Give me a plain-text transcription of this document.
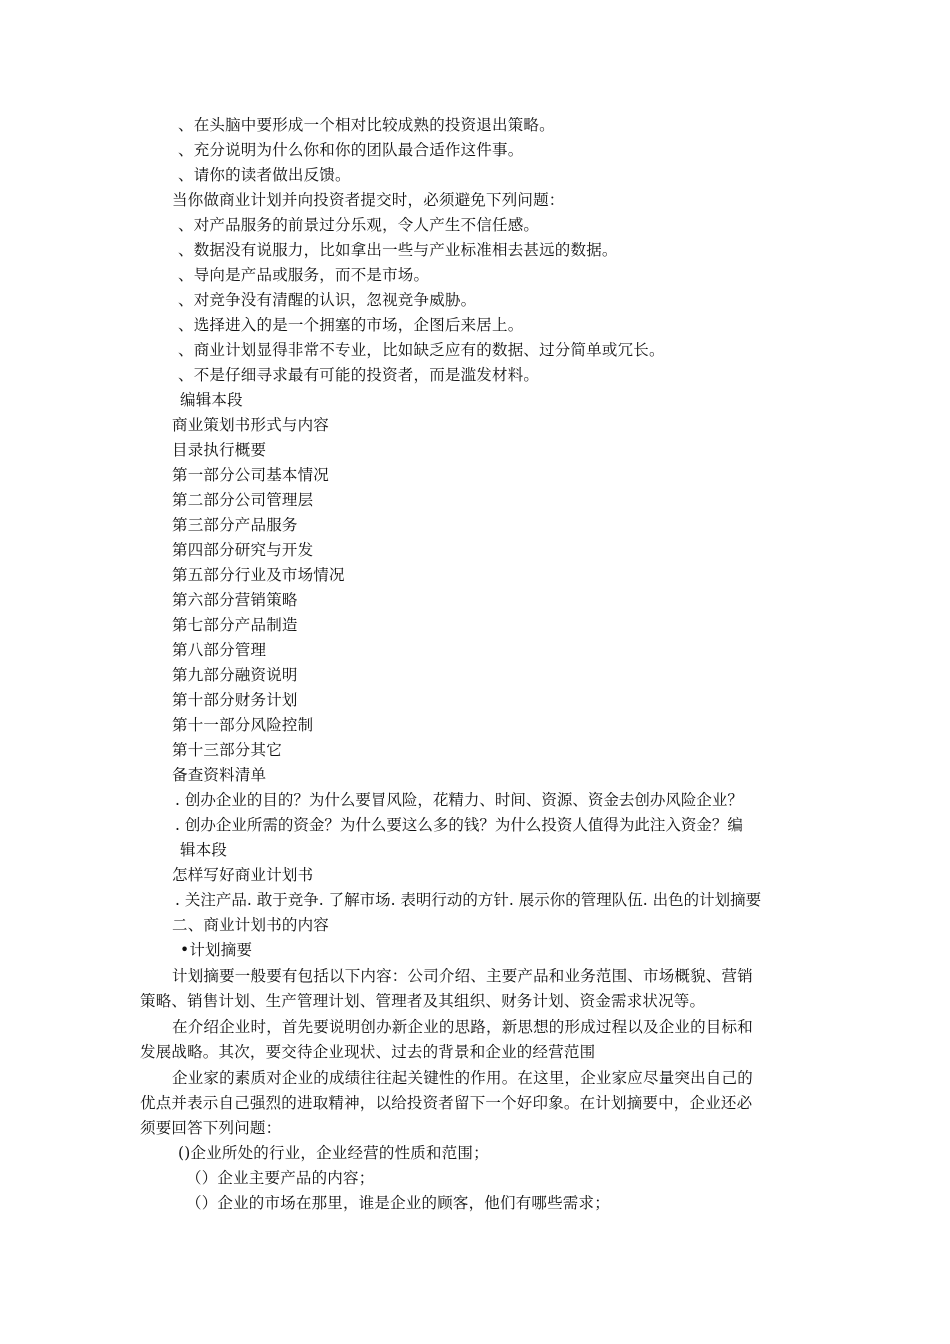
、在头脑中要形成一个相对比较成熟的投资退出策略。
、充分说明为什么你和你的团队最合适作这件事。
、请你的读者做出反馈。
当你做商业计划并向投资者提交时，必须避免下列问题：
、对产品服务的前景过分乐观，令人产生不信任感。
、数据没有说服力，比如拿出一些与产业标准相去甚远的数据。
、导向是产品或服务，而不是市场。
、对竞争没有清醒的认识，忽视竞争威胁。
、选择进入的是一个拥塞的市场，企图后来居上。
、商业计划显得非常不专业，比如缺乏应有的数据、过分简单或冗长。
、不是仔细寻求最有可能的投资者，而是滥发材料。
编辑本段
商业策划书形式与内容
目录执行概要
第一部分公司基本情况
第二部分公司管理层
第三部分产品服务
第四部分研究与开发
第五部分行业及市场情况
第六部分营销策略
第七部分产品制造
第八部分管理
第九部分融资说明
第十部分财务计划
第十一部分风险控制
第十三部分其它
备查资料清单
. 创办企业的目的？为什么要冒风险，花精力、时间、资源、资金去创办风险企业？
. 创办企业所需的资金？为什么要这么多的钱？为什么投资人值得为此注入资金？编
辑本段
怎样写好商业计划书
. 关注产品. 敢于竞争. 了解市场. 表明行动的方针. 展示你的管理队伍. 出色的计划摘要
二、商业计划书的内容
•计划摘要
计划摘要一般要有包括以下内容：公司介绍、主要产品和业务范围、市场概貌、营销
策略、销售计划、生产管理计划、管理者及其组织、财务计划、资金需求状况等。
在介绍企业时，首先要说明创办新企业的思路，新思想的形成过程以及企业的目标和
发展战略。其次，要交待企业现状、过去的背景和企业的经营范围
企业家的素质对企业的成绩往往起关键性的作用。在这里，企业家应尽量突出自己的
优点并表示自己强烈的进取精神，以给投资者留下一个好印象。在计划摘要中，企业还必
须要回答下列问题：
()企业所处的行业，企业经营的性质和范围；
（）企业主要产品的内容；
（）企业的市场在那里，谁是企业的顾客，他们有哪些需求；
